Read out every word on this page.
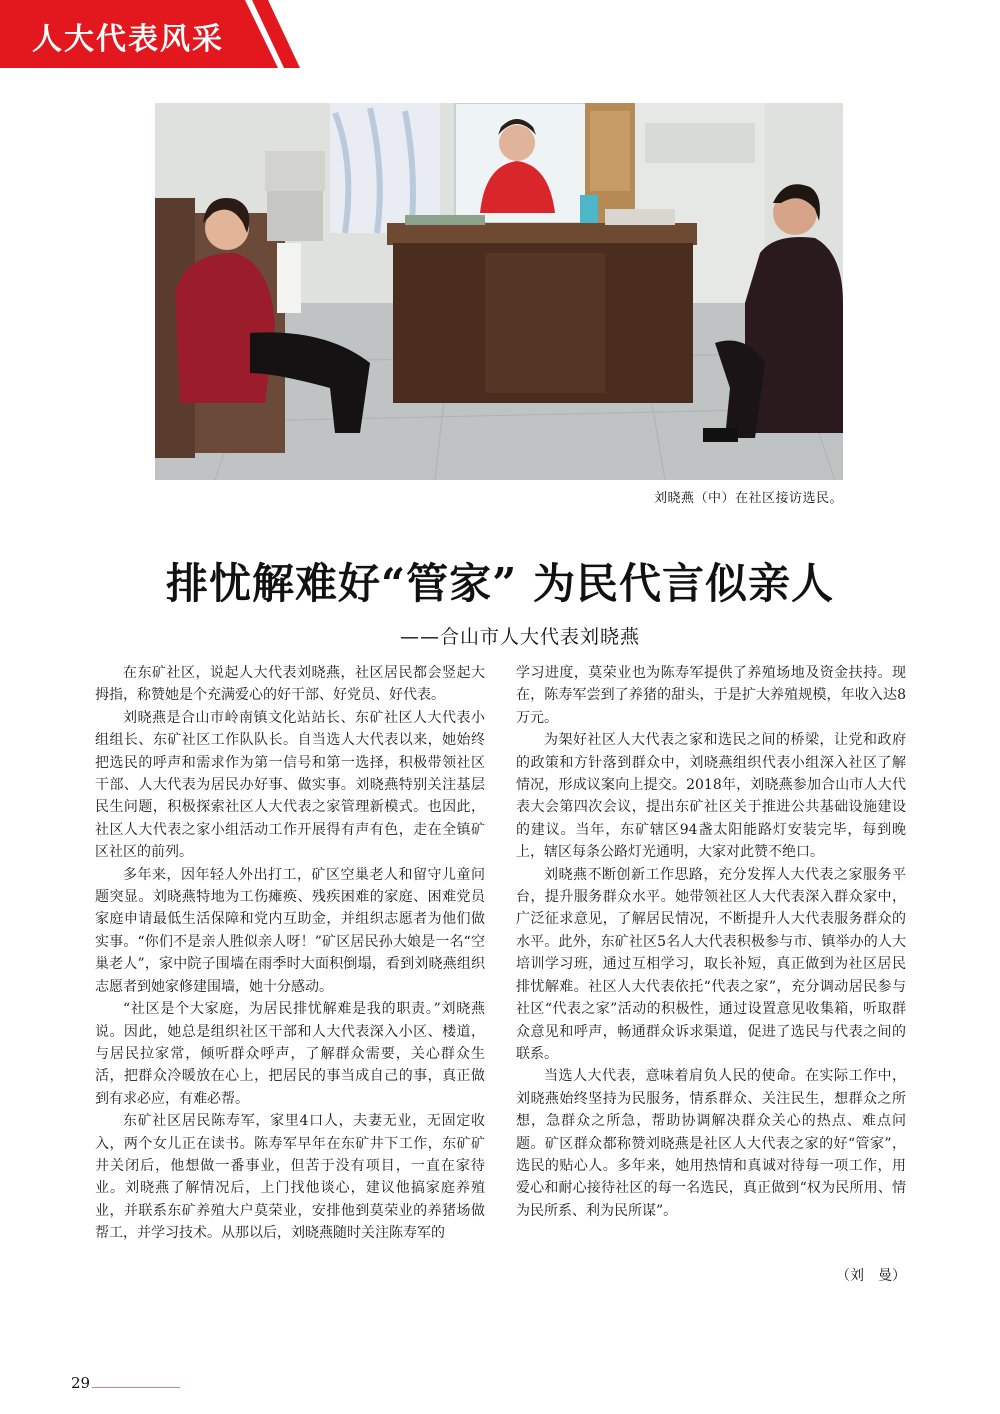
人大代表风采
刘晓燕（中）在社区接访选民。
排忧解难好“管家” 为民代言似亲人
——合山市人大代表刘晓燕

在东矿社区，说起人大代表刘晓燕，社区居民都会竖起大拇指，称赞她是个充满爱心的好干部、好党员、好代表。

刘晓燕是合山市岭南镇文化站站长、东矿社区人大代表小组组长、东矿社区工作队队长。自当选人大代表以来，她始终把选民的呼声和需求作为第一信号和第一选择，积极带领社区干部、人大代表为居民办好事、做实事。刘晓燕特别关注基层民生问题，积极探索社区人大代表之家管理新模式。也因此，社区人大代表之家小组活动工作开展得有声有色，走在全镇矿区社区的前列。

多年来，因年轻人外出打工，矿区空巢老人和留守儿童问题突显。刘晓燕特地为工伤瘫痪、残疾困难的家庭、困难党员家庭申请最低生活保障和党内互助金，并组织志愿者为他们做实事。“你们不是亲人胜似亲人呀！”矿区居民孙大娘是一名“空巢老人”，家中院子围墙在雨季时大面积倒塌，看到刘晓燕组织志愿者到她家修建围墙，她十分感动。

“社区是个大家庭，为居民排忧解难是我的职责。”刘晓燕说。因此，她总是组织社区干部和人大代表深入小区、楼道，与居民拉家常，倾听群众呼声，了解群众需要，关心群众生活，把群众冷暖放在心上，把居民的事当成自己的事，真正做到有求必应，有难必帮。

东矿社区居民陈寿军，家里4口人，夫妻无业，无固定收入，两个女儿正在读书。陈寿军早年在东矿井下工作，东矿矿井关闭后，他想做一番事业，但苦于没有项目，一直在家待业。刘晓燕了解情况后，上门找他谈心，建议他搞家庭养殖业，并联系东矿养殖大户莫荣业，安排他到莫荣业的养猪场做帮工，并学习技术。从那以后，刘晓燕随时关注陈寿军的

学习进度，莫荣业也为陈寿军提供了养殖场地及资金扶持。现在，陈寿军尝到了养猪的甜头，于是扩大养殖规模，年收入达8万元。

为架好社区人大代表之家和选民之间的桥梁，让党和政府的政策和方针落到群众中，刘晓燕组织代表小组深入社区了解情况，形成议案向上提交。2018年，刘晓燕参加合山市人大代表大会第四次会议，提出东矿社区关于推进公共基础设施建设的建议。当年，东矿辖区94盏太阳能路灯安装完毕，每到晚上，辖区每条公路灯光通明，大家对此赞不绝口。

刘晓燕不断创新工作思路，充分发挥人大代表之家服务平台，提升服务群众水平。她带领社区人大代表深入群众家中，广泛征求意见，了解居民情况，不断提升人大代表服务群众的水平。此外，东矿社区5名人大代表积极参与市、镇举办的人大培训学习班，通过互相学习，取长补短，真正做到为社区居民排忧解难。社区人大代表依托“代表之家”，充分调动居民参与社区“代表之家”活动的积极性，通过设置意见收集箱，听取群众意见和呼声，畅通群众诉求渠道，促进了选民与代表之间的联系。

当选人大代表，意味着肩负人民的使命。在实际工作中，刘晓燕始终坚持为民服务，情系群众、关注民生，想群众之所想，急群众之所急，帮助协调解决群众关心的热点、难点问题。矿区群众都称赞刘晓燕是社区人大代表之家的好“管家”，选民的贴心人。多年来，她用热情和真诚对待每一项工作，用爱心和耐心接待社区的每一名选民，真正做到“权为民所用、情为民所系、利为民所谋”。

（刘　曼）
29
